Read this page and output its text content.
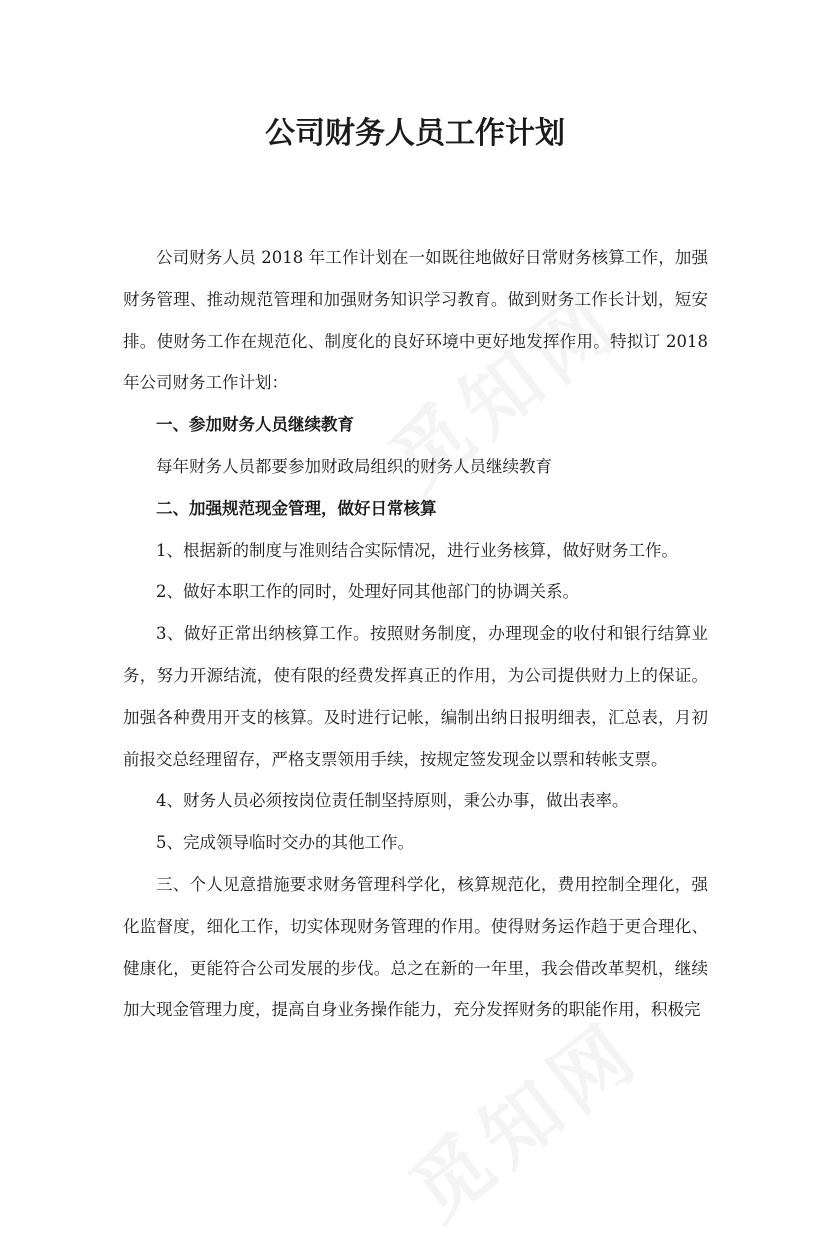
公司财务人员工作计划

公司财务人员 2018 年工作计划在一如既往地做好日常财务核算工作，加强财务管理、推动规范管理和加强财务知识学习教育。做到财务工作长计划，短安排。使财务工作在规范化、制度化的良好环境中更好地发挥作用。特拟订 2018 年公司财务工作计划：

一、参加财务人员继续教育

每年财务人员都要参加财政局组织的财务人员继续教育

二、加强规范现金管理，做好日常核算

1、根据新的制度与准则结合实际情况，进行业务核算，做好财务工作。

2、做好本职工作的同时，处理好同其他部门的协调关系。

3、做好正常出纳核算工作。按照财务制度，办理现金的收付和银行结算业务，努力开源结流，使有限的经费发挥真正的作用，为公司提供财力上的保证。加强各种费用开支的核算。及时进行记帐，编制出纳日报明细表，汇总表，月初前报交总经理留存，严格支票领用手续，按规定签发现金以票和转帐支票。

4、财务人员必须按岗位责任制坚持原则，秉公办事，做出表率。

5、完成领导临时交办的其他工作。

三、个人见意措施要求财务管理科学化，核算规范化，费用控制全理化，强化监督度，细化工作，切实体现财务管理的作用。使得财务运作趋于更合理化、健康化，更能符合公司发展的步伐。总之在新的一年里，我会借改革契机，继续加大现金管理力度，提高自身业务操作能力，充分发挥财务的职能作用，积极完
